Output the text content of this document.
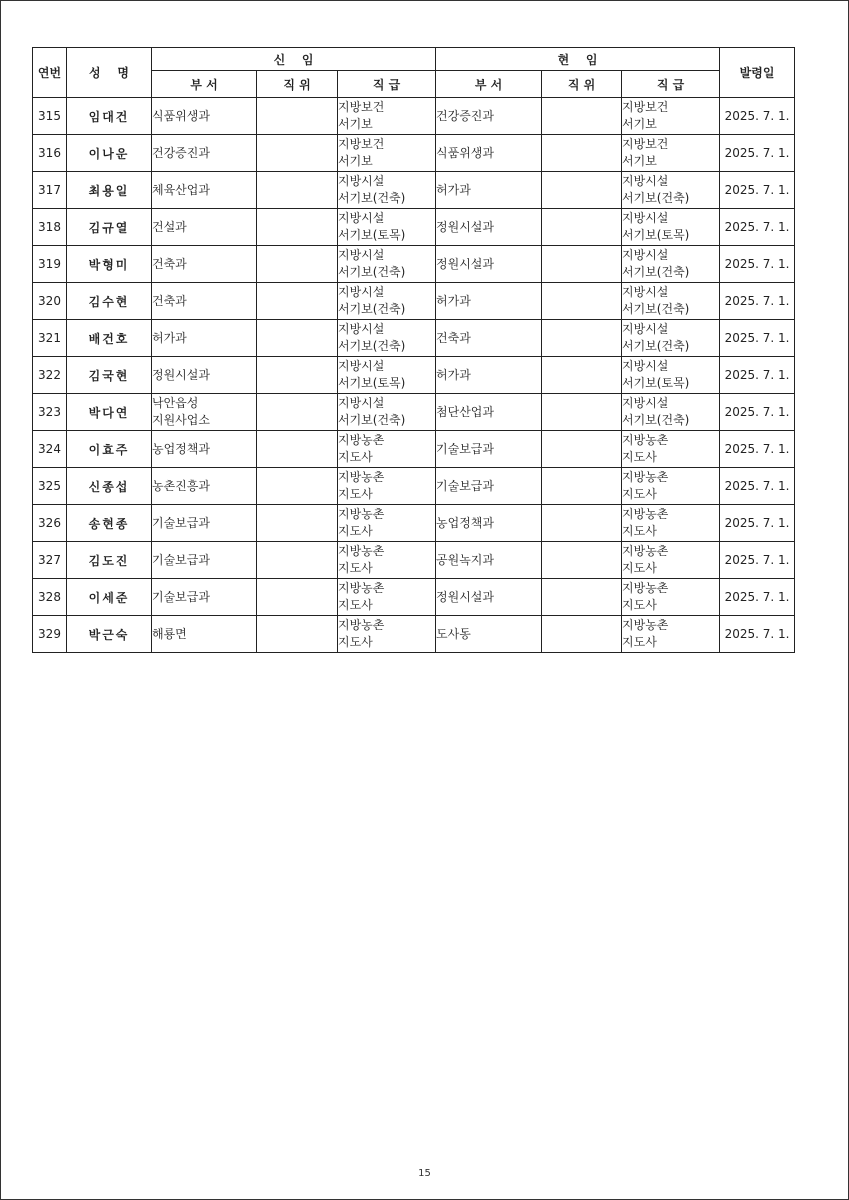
연번	성    명	신    임			현    임			발령일
		부 서	직 위	직 급	부 서	직 위	직 급	
315	임대건	식품위생과		지방보건
서기보	건강증진과		지방보건
서기보	2025. 7. 1.
316	이나운	건강증진과		지방보건
서기보	식품위생과		지방보건
서기보	2025. 7. 1.
317	최용일	체육산업과		지방시설
서기보(건축)	허가과		지방시설
서기보(건축)	2025. 7. 1.
318	김규열	건설과		지방시설
서기보(토목)	정원시설과		지방시설
서기보(토목)	2025. 7. 1.
319	박형미	건축과		지방시설
서기보(건축)	정원시설과		지방시설
서기보(건축)	2025. 7. 1.
320	김수현	건축과		지방시설
서기보(건축)	허가과		지방시설
서기보(건축)	2025. 7. 1.
321	배건호	허가과		지방시설
서기보(건축)	건축과		지방시설
서기보(건축)	2025. 7. 1.
322	김국현	정원시설과		지방시설
서기보(토목)	허가과		지방시설
서기보(토목)	2025. 7. 1.
323	박다연	낙안읍성
지원사업소		지방시설
서기보(건축)	첨단산업과		지방시설
서기보(건축)	2025. 7. 1.
324	이효주	농업정책과		지방농촌
지도사	기술보급과		지방농촌
지도사	2025. 7. 1.
325	신종섭	농촌진흥과		지방농촌
지도사	기술보급과		지방농촌
지도사	2025. 7. 1.
326	송현종	기술보급과		지방농촌
지도사	농업정책과		지방농촌
지도사	2025. 7. 1.
327	김도진	기술보급과		지방농촌
지도사	공원녹지과		지방농촌
지도사	2025. 7. 1.
328	이세준	기술보급과		지방농촌
지도사	정원시설과		지방농촌
지도사	2025. 7. 1.
329	박근숙	해룡면		지방농촌
지도사	도사동		지방농촌
지도사	2025. 7. 1.
15
